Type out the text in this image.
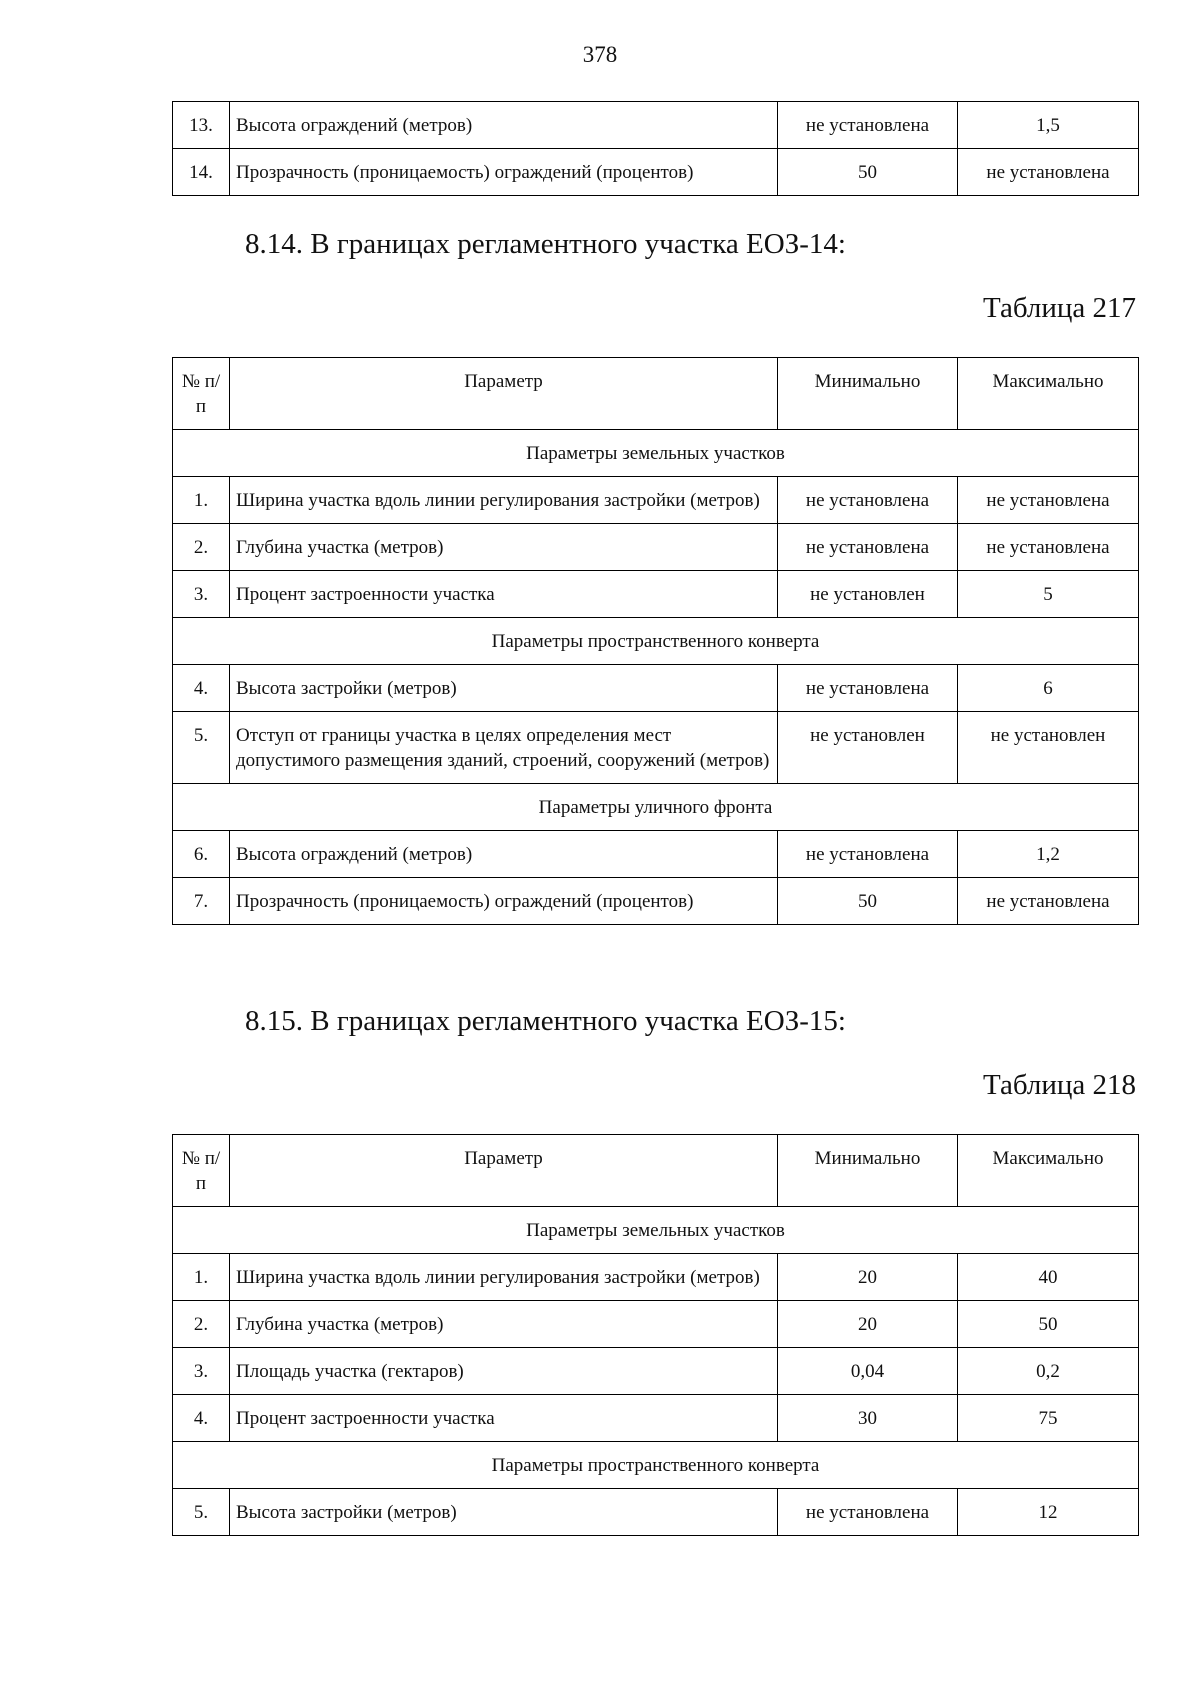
378
13.	Высота ограждений (метров)	не установлена	1,5
14.	Прозрачность (проницаемость) ограждений (процентов)	50	не установлена
8.14. В границах регламентного участка ЕОЗ-14:
Таблица 217
№ п/п	Параметр	Минимально	Максимально
Параметры земельных участков			
1.	Ширина участка вдоль линии регулирования застройки (метров)	не установлена	не установлена
2.	Глубина участка (метров)	не установлена	не установлена
3.	Процент застроенности участка	не установлен	5
Параметры пространственного конверта			
4.	Высота застройки (метров)	не установлена	6
5.	Отступ от границы участка в целях определения мест допустимого размещения зданий, строений, сооружений (метров)	не установлен	не установлен
Параметры уличного фронта			
6.	Высота ограждений (метров)	не установлена	1,2
7.	Прозрачность (проницаемость) ограждений (процентов)	50	не установлена
8.15. В границах регламентного участка ЕОЗ-15:
Таблица 218
№ п/п	Параметр	Минимально	Максимально
Параметры земельных участков			
1.	Ширина участка вдоль линии регулирования застройки (метров)	20	40
2.	Глубина участка (метров)	20	50
3.	Площадь участка (гектаров)	0,04	0,2
4.	Процент застроенности участка	30	75
Параметры пространственного конверта			
5.	Высота застройки (метров)	не установлена	12
